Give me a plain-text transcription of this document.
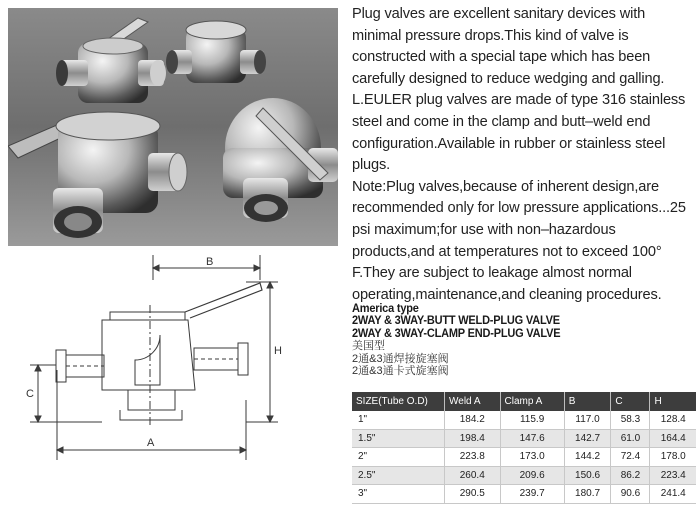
B
H
C
A

Plug valves are excellent sanitary devices with minimal pressure drops.This kind of valve is constructed with a special tape which has been carefully designed to reduce wedging and galling.

L.EULER plug valves are made of type 316 stainless steel and come in the clamp and butt–weld end configuration.Available in rubber or stainless steel plugs.

Note:Plug valves,because of inherent design,are recommended only for low pressure applications...25 psi maximum;for use with non–hazardous products,and at temperatures not to exceed 100° F.They are subject to leakage almost normal operating,maintenance,and cleaning procedures.

America type
2WAY & 3WAY-BUTT WELD-PLUG VALVE
2WAY & 3WAY-CLAMP END-PLUG VALVE
美国型
2通&3通焊接旋塞阀
2通&3通卡式旋塞阀
SIZE(Tube O.D)	Weld A	Clamp A	B	C	H
1"	184.2	115.9	117.0	58.3	128.4
1.5"	198.4	147.6	142.7	61.0	164.4
2"	223.8	173.0	144.2	72.4	178.0
2.5"	260.4	209.6	150.6	86.2	223.4
3"	290.5	239.7	180.7	90.6	241.4
